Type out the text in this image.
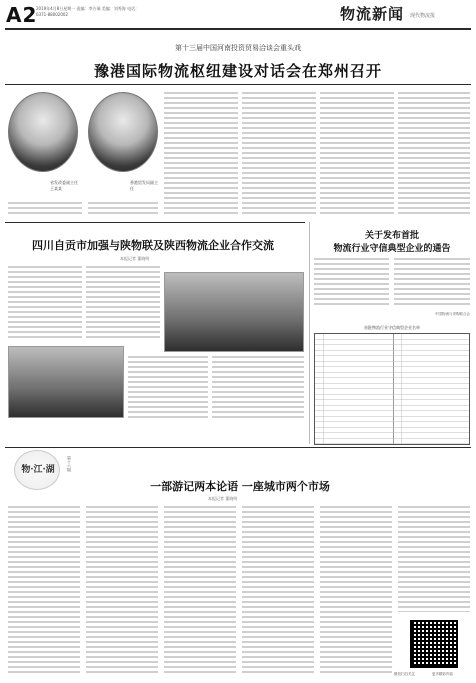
A2
2019年4月8日星期一 责编：李方瑞 美编：刘秀海 电话：0371-88002002	物流新闻 现代物流报
第十三届中国河南投资贸易洽谈会重头戏
豫港国际物流枢纽建设对话会在郑州召开
省发改委副主任 王某某
香港贸发局副主任
四川自贡市加强与陕物联及陕西物流企业合作交流
本报记者 董晓明
关于发布首批
物流行业守信典型企业的通告
中国物流与采购联合会
首批物流行业守信典型企业名单
物·江·湖	第十六期
一部游记两本论语 一座城市两个市场
本报记者 董晓明
微信扫扫关注	更多精彩内容
